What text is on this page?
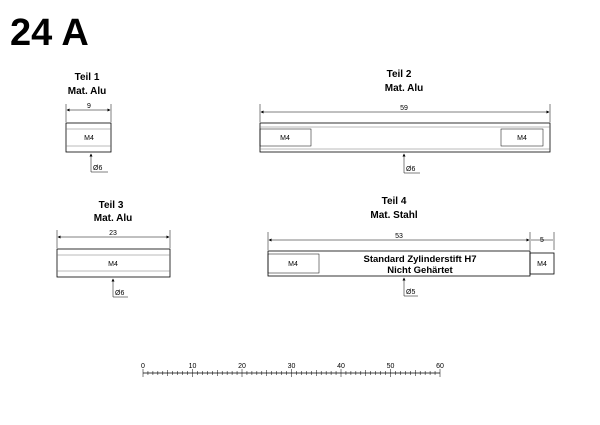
24 A
Teil 1
Mat. Alu
9
M4
Ø6
Teil 2
Mat. Alu
59
M4	M4
Ø6
Teil 3
Mat. Alu
23
M4
Ø6
Teil 4
Mat. Stahl
53
5
M4	M4
Standard Zylinderstift H7
Nicht Gehärtet
Ø5
0	10	20	30	40	50	60
